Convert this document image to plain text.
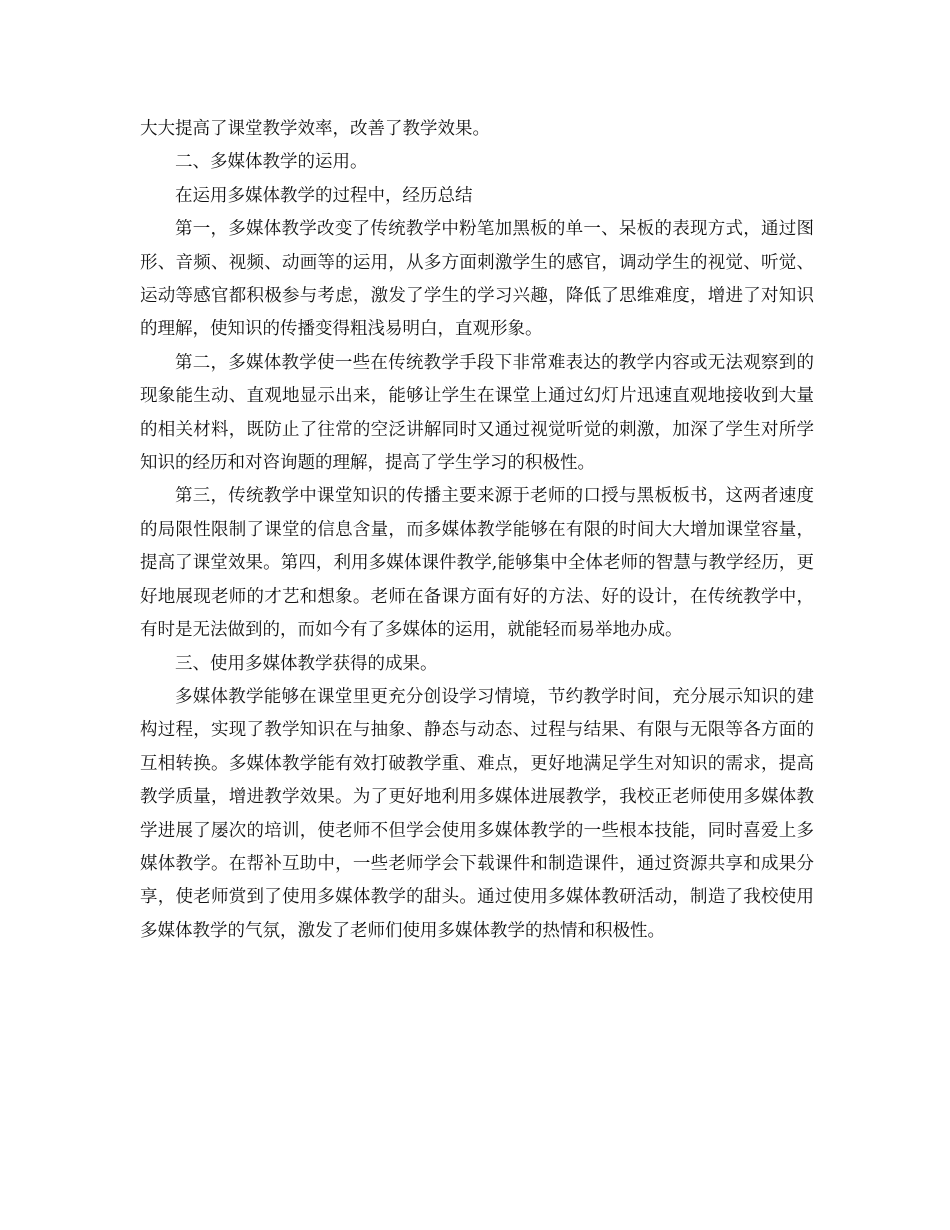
大大提高了课堂教学效率，改善了教学效果。

二、多媒体教学的运用。

在运用多媒体教学的过程中，经历总结

第一，多媒体教学改变了传统教学中粉笔加黑板的单一、呆板的表现方式，通过图形、音频、视频、动画等的运用，从多方面刺激学生的感官，调动学生的视觉、听觉、运动等感官都积极参与考虑，激发了学生的学习兴趣，降低了思维难度，增进了对知识的理解，使知识的传播变得粗浅易明白，直观形象。

第二，多媒体教学使一些在传统教学手段下非常难表达的教学内容或无法观察到的现象能生动、直观地显示出来，能够让学生在课堂上通过幻灯片迅速直观地接收到大量的相关材料，既防止了往常的空泛讲解同时又通过视觉听觉的刺激，加深了学生对所学知识的经历和对咨询题的理解，提高了学生学习的积极性。

第三，传统教学中课堂知识的传播主要来源于老师的口授与黑板板书，这两者速度的局限性限制了课堂的信息含量，而多媒体教学能够在有限的时间大大增加课堂容量，提高了课堂效果。第四，利用多媒体课件教学,能够集中全体老师的智慧与教学经历，更好地展现老师的才艺和想象。老师在备课方面有好的方法、好的设计，在传统教学中，有时是无法做到的，而如今有了多媒体的运用，就能轻而易举地办成。

三、使用多媒体教学获得的成果。

多媒体教学能够在课堂里更充分创设学习情境，节约教学时间，充分展示知识的建构过程，实现了教学知识在与抽象、静态与动态、过程与结果、有限与无限等各方面的互相转换。多媒体教学能有效打破教学重、难点，更好地满足学生对知识的需求，提高教学质量，增进教学效果。为了更好地利用多媒体进展教学，我校正老师使用多媒体教学进展了屡次的培训，使老师不但学会使用多媒体教学的一些根本技能，同时喜爱上多媒体教学。在帮补互助中，一些老师学会下载课件和制造课件，通过资源共享和成果分享，使老师赏到了使用多媒体教学的甜头。通过使用多媒体教研活动，制造了我校使用多媒体教学的气氛，激发了老师们使用多媒体教学的热情和积极性。
